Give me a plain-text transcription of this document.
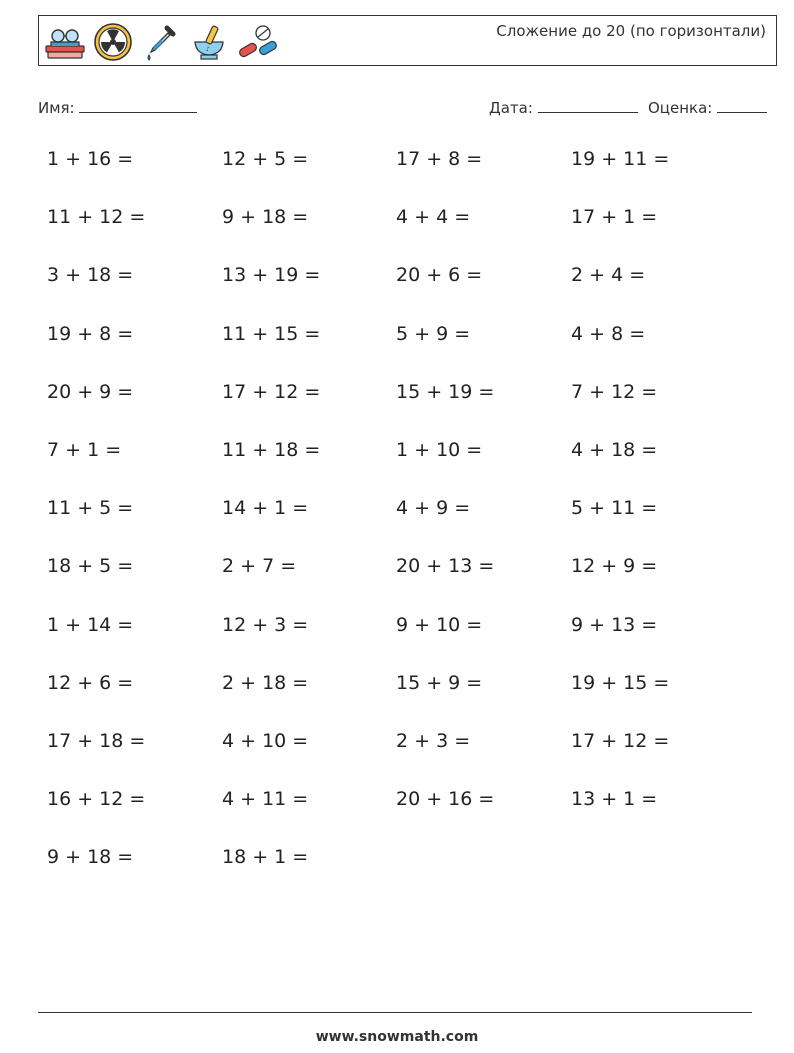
♪
Сложение до 20 (по горизонтали)
Имя:	Дата:	Оценка:
1 + 16 =	12 + 5 =	17 + 8 =	19 + 11 =
11 + 12 =	9 + 18 =	4 + 4 =	17 + 1 =
3 + 18 =	13 + 19 =	20 + 6 =	2 + 4 =
19 + 8 =	11 + 15 =	5 + 9 =	4 + 8 =
20 + 9 =	17 + 12 =	15 + 19 =	7 + 12 =
7 + 1 =	11 + 18 =	1 + 10 =	4 + 18 =
11 + 5 =	14 + 1 =	4 + 9 =	5 + 11 =
18 + 5 =	2 + 7 =	20 + 13 =	12 + 9 =
1 + 14 =	12 + 3 =	9 + 10 =	9 + 13 =
12 + 6 =	2 + 18 =	15 + 9 =	19 + 15 =
17 + 18 =	4 + 10 =	2 + 3 =	17 + 12 =
16 + 12 =	4 + 11 =	20 + 16 =	13 + 1 =
9 + 18 =	18 + 1 =
www.snowmath.com
